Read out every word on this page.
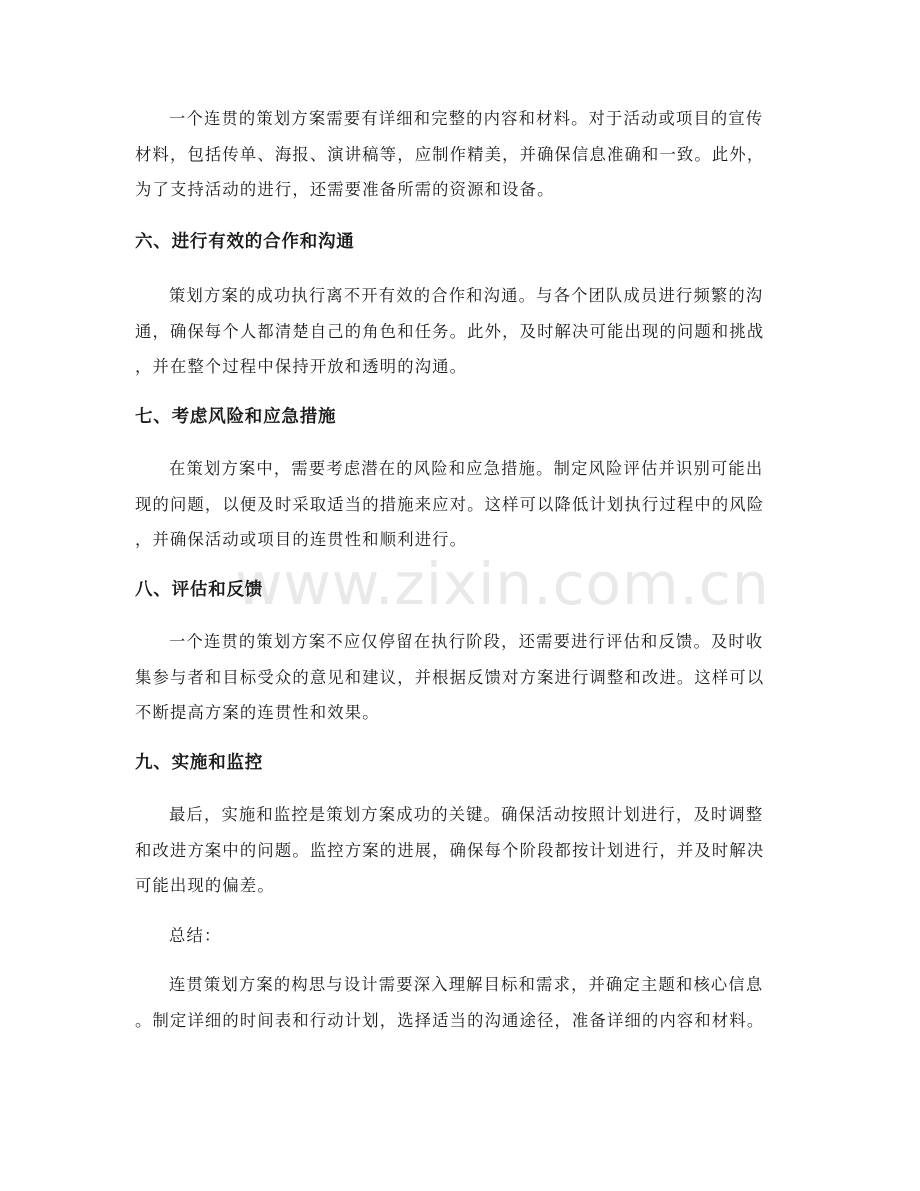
www.zixin.com.cn

一个连贯的策划方案需要有详细和完整的内容和材料。对于活动或项目的宣传
材料，包括传单、海报、演讲稿等，应制作精美，并确保信息准确和一致。此外，
为了支持活动的进行，还需要准备所需的资源和设备。

六、进行有效的合作和沟通

策划方案的成功执行离不开有效的合作和沟通。与各个团队成员进行频繁的沟
通，确保每个人都清楚自己的角色和任务。此外，及时解决可能出现的问题和挑战
，并在整个过程中保持开放和透明的沟通。

七、考虑风险和应急措施

在策划方案中，需要考虑潜在的风险和应急措施。制定风险评估并识别可能出
现的问题，以便及时采取适当的措施来应对。这样可以降低计划执行过程中的风险
，并确保活动或项目的连贯性和顺利进行。

八、评估和反馈

一个连贯的策划方案不应仅停留在执行阶段，还需要进行评估和反馈。及时收
集参与者和目标受众的意见和建议，并根据反馈对方案进行调整和改进。这样可以
不断提高方案的连贯性和效果。

九、实施和监控

最后，实施和监控是策划方案成功的关键。确保活动按照计划进行，及时调整
和改进方案中的问题。监控方案的进展，确保每个阶段都按计划进行，并及时解决
可能出现的偏差。

总结：

连贯策划方案的构思与设计需要深入理解目标和需求，并确定主题和核心信息
。制定详细的时间表和行动计划，选择适当的沟通途径，准备详细的内容和材料。
